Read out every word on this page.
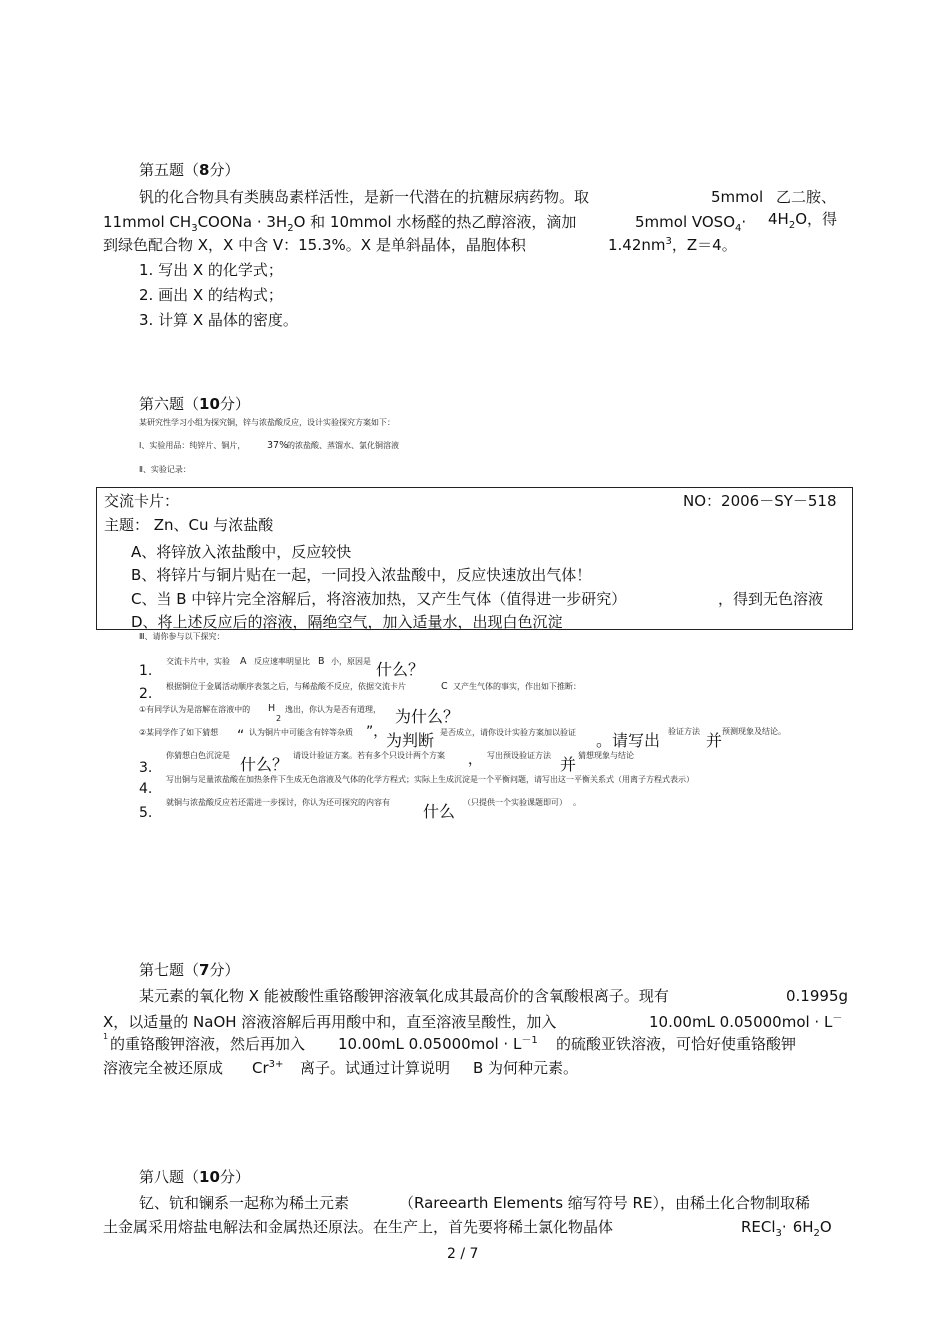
第五题（8分）
钒的化合物具有类胰岛素样活性，是新一代潜在的抗糖尿病药物。取	5mmol 乙二胺、
11mmol $CH_3COONa \cdot 3H_2O$ 和 10mmol 水杨醛的热乙醇溶液，滴加	5mmol $VOSO_4\cdot 4H_2O$，得
到绿色配合物 X，X 中含 V：15.3%。X 是单斜晶体，晶胞体积	$1.42nm^3$，Z＝4。
1. 写出 X 的化学式；
2. 画出 X 的结构式；
3. 计算 X 晶体的密度。
第六题（10分）
某研究性学习小组为探究铜，锌与浓盐酸反应，设计实验探究方案如下：
Ⅰ、实验用品：纯锌片、铜片， 37%
的浓盐酸、蒸馏水、氯化铜溶液
Ⅱ、实验记录：
交流卡片：	NO：2006－SY－518
主题： Zn、Cu 与浓盐酸
A、将锌放入浓盐酸中，反应较快
B、将锌片与铜片贴在一起，一同投入浓盐酸中，反应快速放出气体！
C、当 B 中锌片完全溶解后，将溶液加热，又产生气体（值得进一步研究）	，得到无色溶液
D、将上述反应后的溶液，隔绝空气，加入适量水，出现白色沉淀
Ⅲ、请你参与以下探究：
1.
交流卡片中，实验 A 反应速率明显比 B 小，原因是 什么？
2. 根据铜位于金属活动顺序表氢之后，与稀盐酸不反应，依据交流卡片	C 又产生气体的事实，作出如下推断：
①有同学认为是溶解在溶液中的 H
2
逸出，你认为是否有道理， 为什么？
②某同学作了如下猜想 “ 认为铜片中可能含有锌等杂质 ”，
为判断 是否成立，请你设计实验方案加以验证 。请写出 验证方法 并 预测现象及结论。
3.
你猜想白色沉淀是 什么？ 请设计验证方案。若有多个只设计两个方案 ， 写出预设验证方法 并 猜想现象与结论
4.
写出铜与足量浓盐酸在加热条件下生成无色溶液及气体的化学方程式；实际上生成沉淀是一个平衡问题，请写出这一平衡关系式（用离子方程式表示）
5.
就铜与浓盐酸反应若还需进一步探讨，你认为还可探究的内容有 什么 （只提供一个实验课题即可） 。
第七题（7分）
某元素的氧化物 X 能被酸性重铬酸钾溶液氧化成其最高价的含氧酸根离子。现有	0.1995g
X，以适量的 NaOH 溶液溶解后再用酸中和，直至溶液呈酸性，加入	10.00mL 0.05000mol · L－
1 的重铬酸钾溶液，然后再加入 10.00mL $0.05000mol \cdot L^{-1}$ 的硫酸亚铁溶液，可恰好使重铬酸钾
溶液完全被还原成 $Cr^{3+}$ 离子。试通过计算说明 B 为何种元素。
第八题（10分）
钇、钪和镧系一起称为稀土元素	（Rareearth Elements 缩写符号 RE），由稀土化合物制取稀
土金属采用熔盐电解法和金属热还原法。在生产上，首先要将稀土氯化物晶体	RECl$_3$· $6H_2O$
2 / 7
